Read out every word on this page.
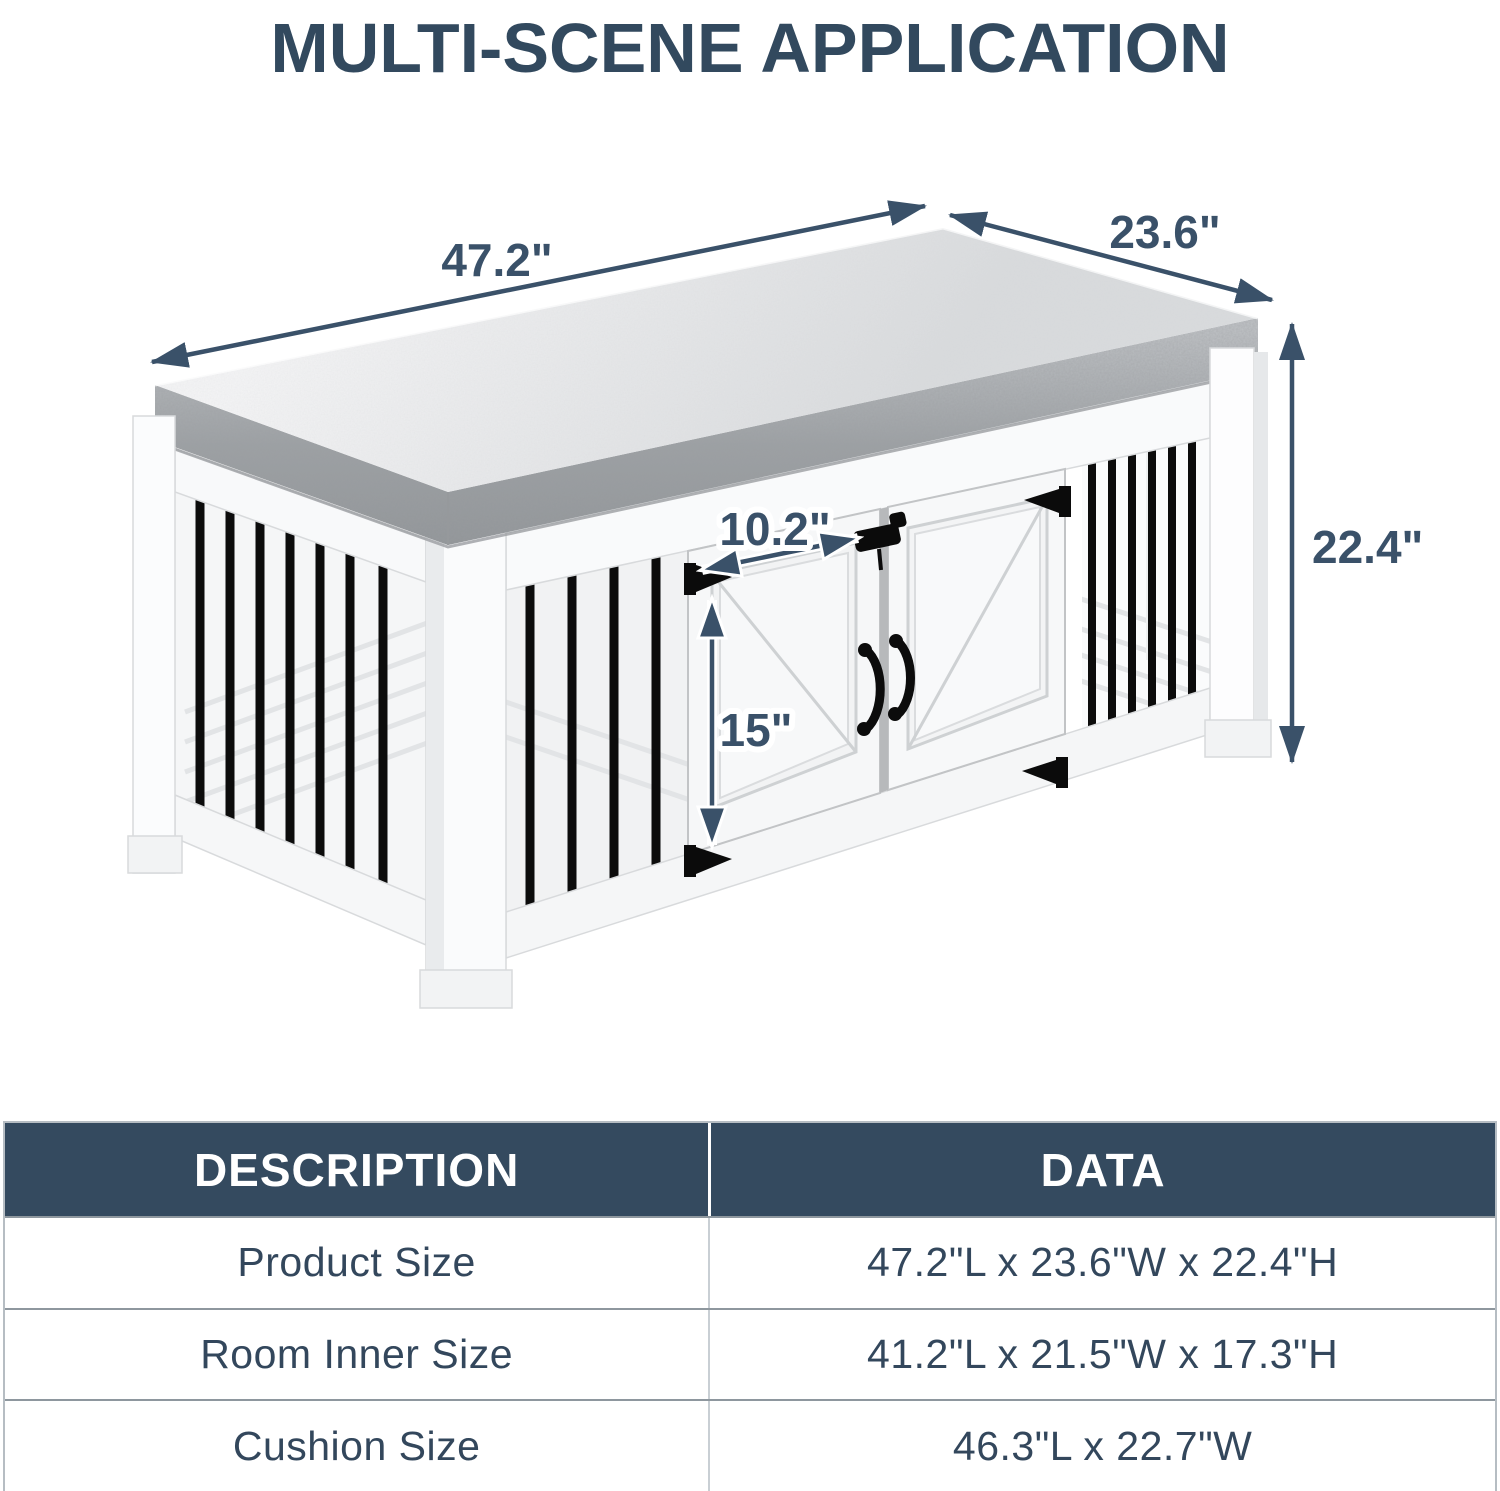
MULTI-SCENE APPLICATION
47.2"
23.6"
22.4"
10.2"
15"
DESCRIPTION	DATA
Product Size	47.2"L x 23.6"W x 22.4"H
Room Inner Size	41.2"L x 21.5"W x 17.3"H
Cushion Size	46.3"L x 22.7"W
